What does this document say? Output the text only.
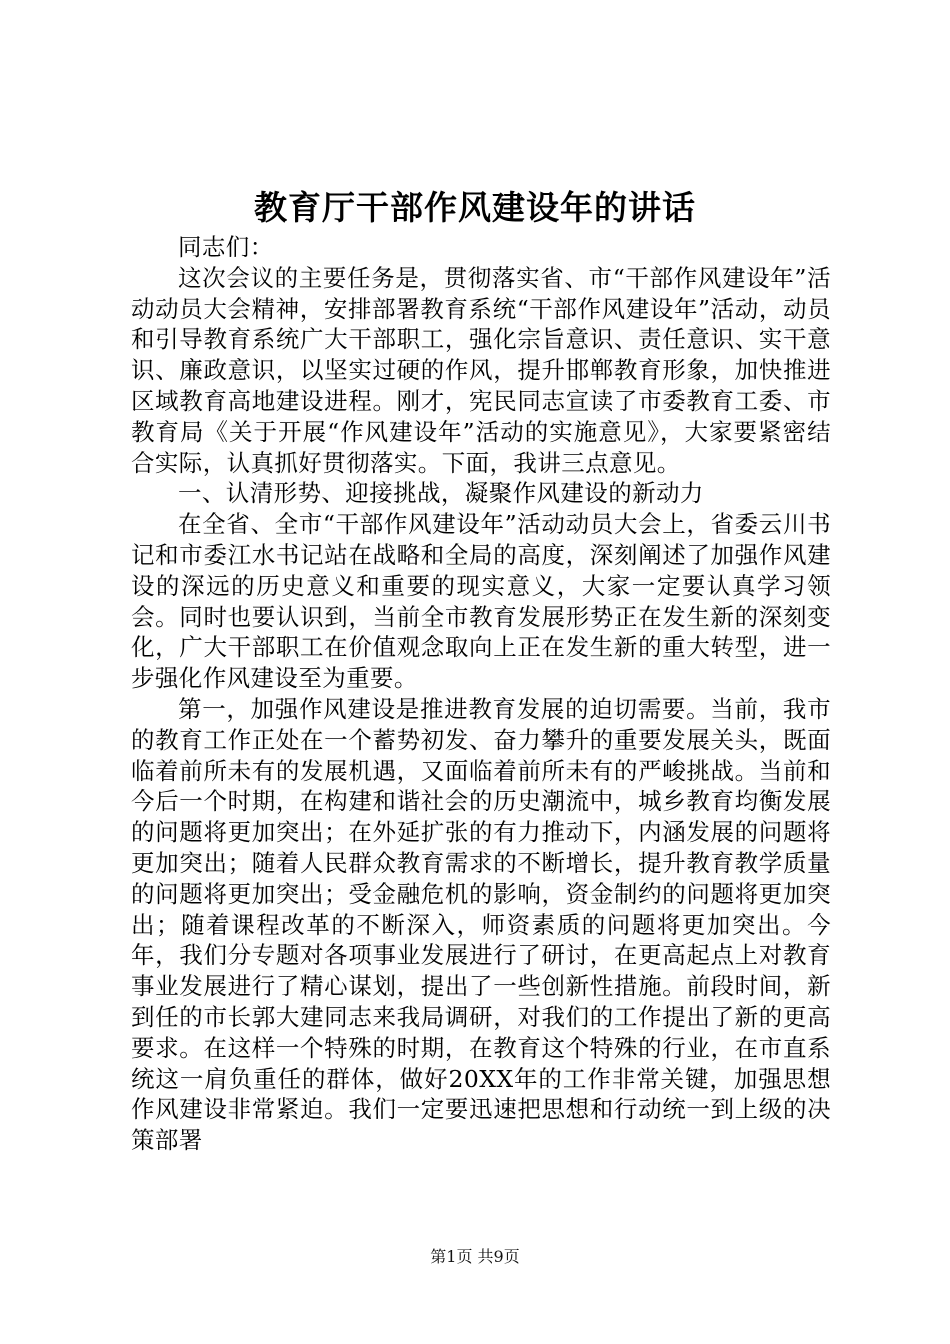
教育厅干部作风建设年的讲话

同志们：

这次会议的主要任务是，贯彻落实省、市“干部作风建设年”活动动员大会精神，安排部署教育系统“干部作风建设年”活动，动员和引导教育系统广大干部职工，强化宗旨意识、责任意识、实干意识、廉政意识，以坚实过硬的作风，提升邯郸教育形象，加快推进区域教育高地建设进程。刚才，宪民同志宣读了市委教育工委、市教育局《关于开展“作风建设年”活动的实施意见》，大家要紧密结合实际，认真抓好贯彻落实。下面，我讲三点意见。

一、认清形势、迎接挑战，凝聚作风建设的新动力

在全省、全市“干部作风建设年”活动动员大会上，省委云川书记和市委江水书记站在战略和全局的高度，深刻阐述了加强作风建设的深远的历史意义和重要的现实意义，大家一定要认真学习领会。同时也要认识到，当前全市教育发展形势正在发生新的深刻变化，广大干部职工在价值观念取向上正在发生新的重大转型，进一步强化作风建设至为重要。

第一，加强作风建设是推进教育发展的迫切需要。当前，我市的教育工作正处在一个蓄势初发、奋力攀升的重要发展关头，既面临着前所未有的发展机遇，又面临着前所未有的严峻挑战。当前和今后一个时期，在构建和谐社会的历史潮流中，城乡教育均衡发展的问题将更加突出；在外延扩张的有力推动下，内涵发展的问题将更加突出；随着人民群众教育需求的不断增长，提升教育教学质量的问题将更加突出；受金融危机的影响，资金制约的问题将更加突出；随着课程改革的不断深入，师资素质的问题将更加突出。今年，我们分专题对各项事业发展进行了研讨，在更高起点上对教育事业发展进行了精心谋划，提出了一些创新性措施。前段时间，新到任的市长郭大建同志来我局调研，对我们的工作提出了新的更高要求。在这样一个特殊的时期，在教育这个特殊的行业，在市直系统这一肩负重任的群体，做好20XX年的工作非常关键，加强思想作风建设非常紧迫。我们一定要迅速把思想和行动统一到上级的决策部署

第1页 共9页
